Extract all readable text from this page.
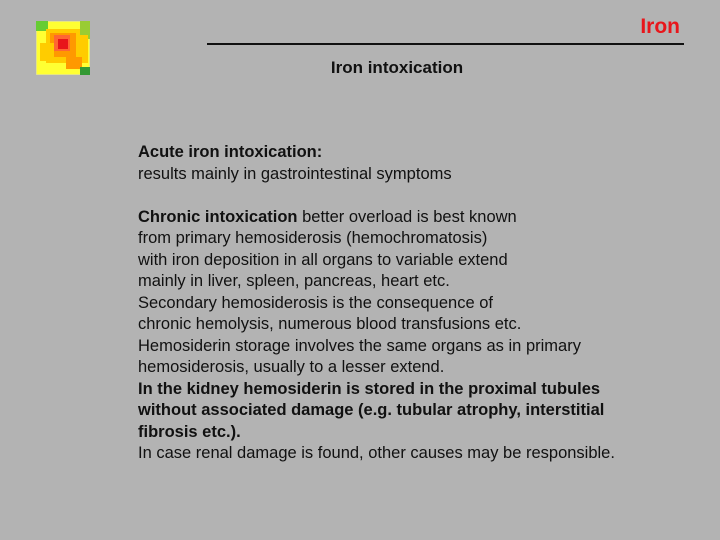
Iron
Iron intoxication
Acute iron intoxication:
results mainly in gastrointestinal symptoms
Chronic intoxication better overload is best known
from primary hemosiderosis (hemochromatosis)
with iron deposition in all organs to variable extend
mainly in liver, spleen, pancreas, heart etc.
Secondary hemosiderosis is the consequence of
chronic hemolysis, numerous blood transfusions etc.
Hemosiderin storage involves the same organs as in primary
hemosiderosis, usually to a lesser extend.
In the kidney hemosiderin is stored in the proximal tubules
without associated damage (e.g. tubular atrophy, interstitial
fibrosis etc.).
In case renal damage is found, other causes may be responsible.
